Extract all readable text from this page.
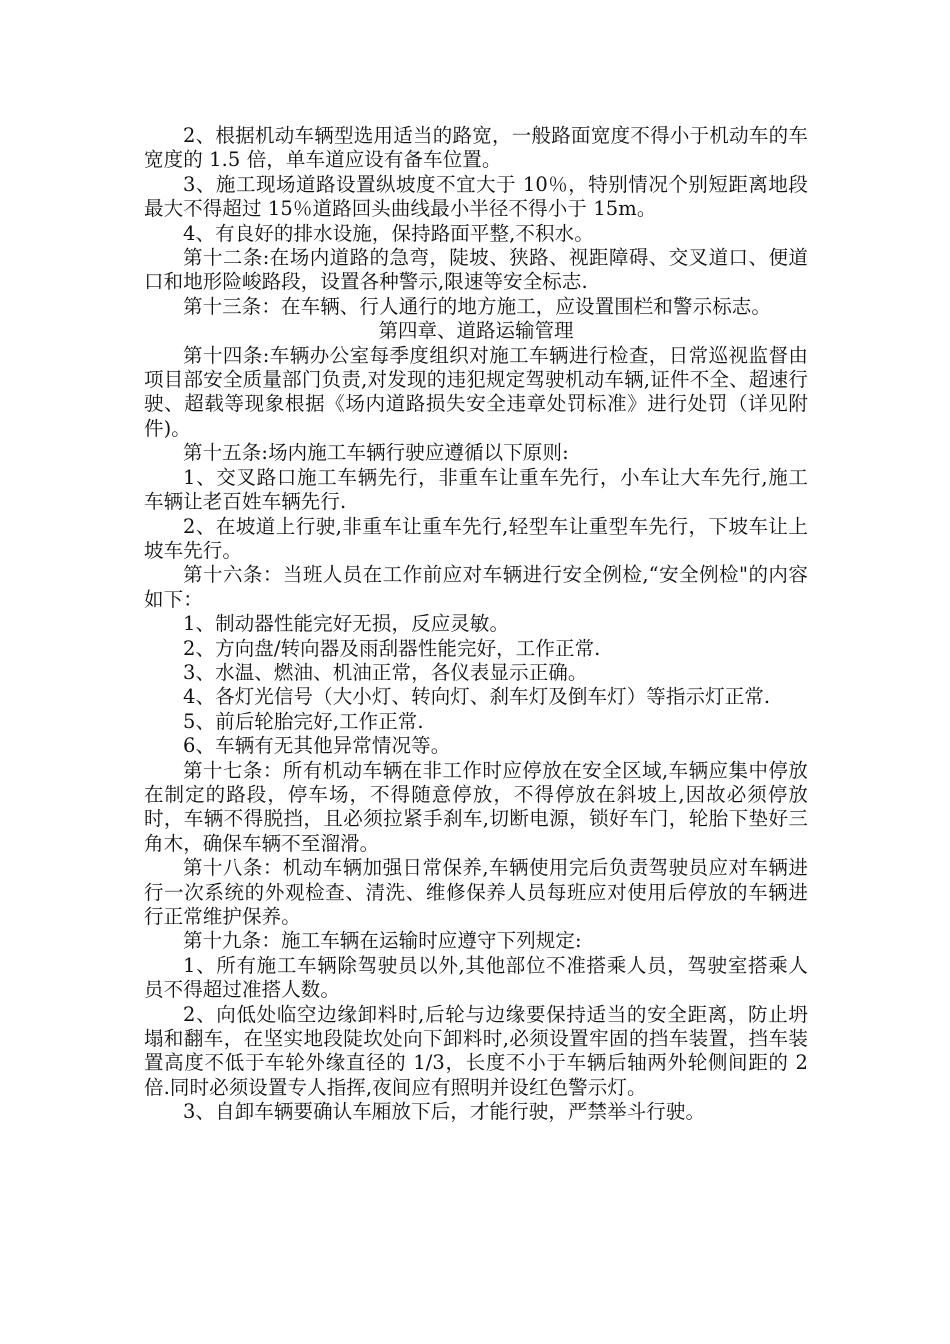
2、根据机动车辆型选用适当的路宽，一般路面宽度不得小于机动车的车宽度的 1.5 倍，单车道应设有备车位置。

3、施工现场道路设置纵坡度不宜大于 10％，特别情况个别短距离地段最大不得超过 15％道路回头曲线最小半径不得小于 15m。

4、有良好的排水设施，保持路面平整,不积水。

第十二条:在场内道路的急弯，陡坡、狭路、视距障碍、交叉道口、便道口和地形险峻路段，设置各种警示,限速等安全标志.

第十三条：在车辆、行人通行的地方施工，应设置围栏和警示标志。

第四章、道路运输管理

第十四条:车辆办公室每季度组织对施工车辆进行检查，日常巡视监督由项目部安全质量部门负责,对发现的违犯规定驾驶机动车辆,证件不全、超速行驶、超载等现象根据《场内道路损失安全违章处罚标准》进行处罚（详见附件)。

第十五条:场内施工车辆行驶应遵循以下原则:

1、交叉路口施工车辆先行，非重车让重车先行，小车让大车先行,施工车辆让老百姓车辆先行.

2、在坡道上行驶,非重车让重车先行,轻型车让重型车先行，下坡车让上坡车先行。

第十六条：当班人员在工作前应对车辆进行安全例检,“安全例检"的内容如下：

1、制动器性能完好无损，反应灵敏。

2、方向盘/转向器及雨刮器性能完好，工作正常.

3、水温、燃油、机油正常，各仪表显示正确。

4、各灯光信号（大小灯、转向灯、刹车灯及倒车灯）等指示灯正常.

5、前后轮胎完好,工作正常.

6、车辆有无其他异常情况等。

第十七条：所有机动车辆在非工作时应停放在安全区域,车辆应集中停放在制定的路段，停车场，不得随意停放，不得停放在斜坡上,因故必须停放时，车辆不得脱挡，且必须拉紧手刹车,切断电源，锁好车门，轮胎下垫好三角木，确保车辆不至溜滑。

第十八条：机动车辆加强日常保养,车辆使用完后负责驾驶员应对车辆进行一次系统的外观检查、清洗、维修保养人员每班应对使用后停放的车辆进行正常维护保养。

第十九条：施工车辆在运输时应遵守下列规定:

1、所有施工车辆除驾驶员以外,其他部位不准搭乘人员，驾驶室搭乘人员不得超过准搭人数。

2、向低处临空边缘卸料时,后轮与边缘要保持适当的安全距离，防止坍塌和翻车，在坚实地段陡坎处向下卸料时,必须设置牢固的挡车装置，挡车装置高度不低于车轮外缘直径的 1/3，长度不小于车辆后轴两外轮侧间距的 2 倍.同时必须设置专人指挥,夜间应有照明并设红色警示灯。

3、自卸车辆要确认车厢放下后，才能行驶，严禁举斗行驶。
